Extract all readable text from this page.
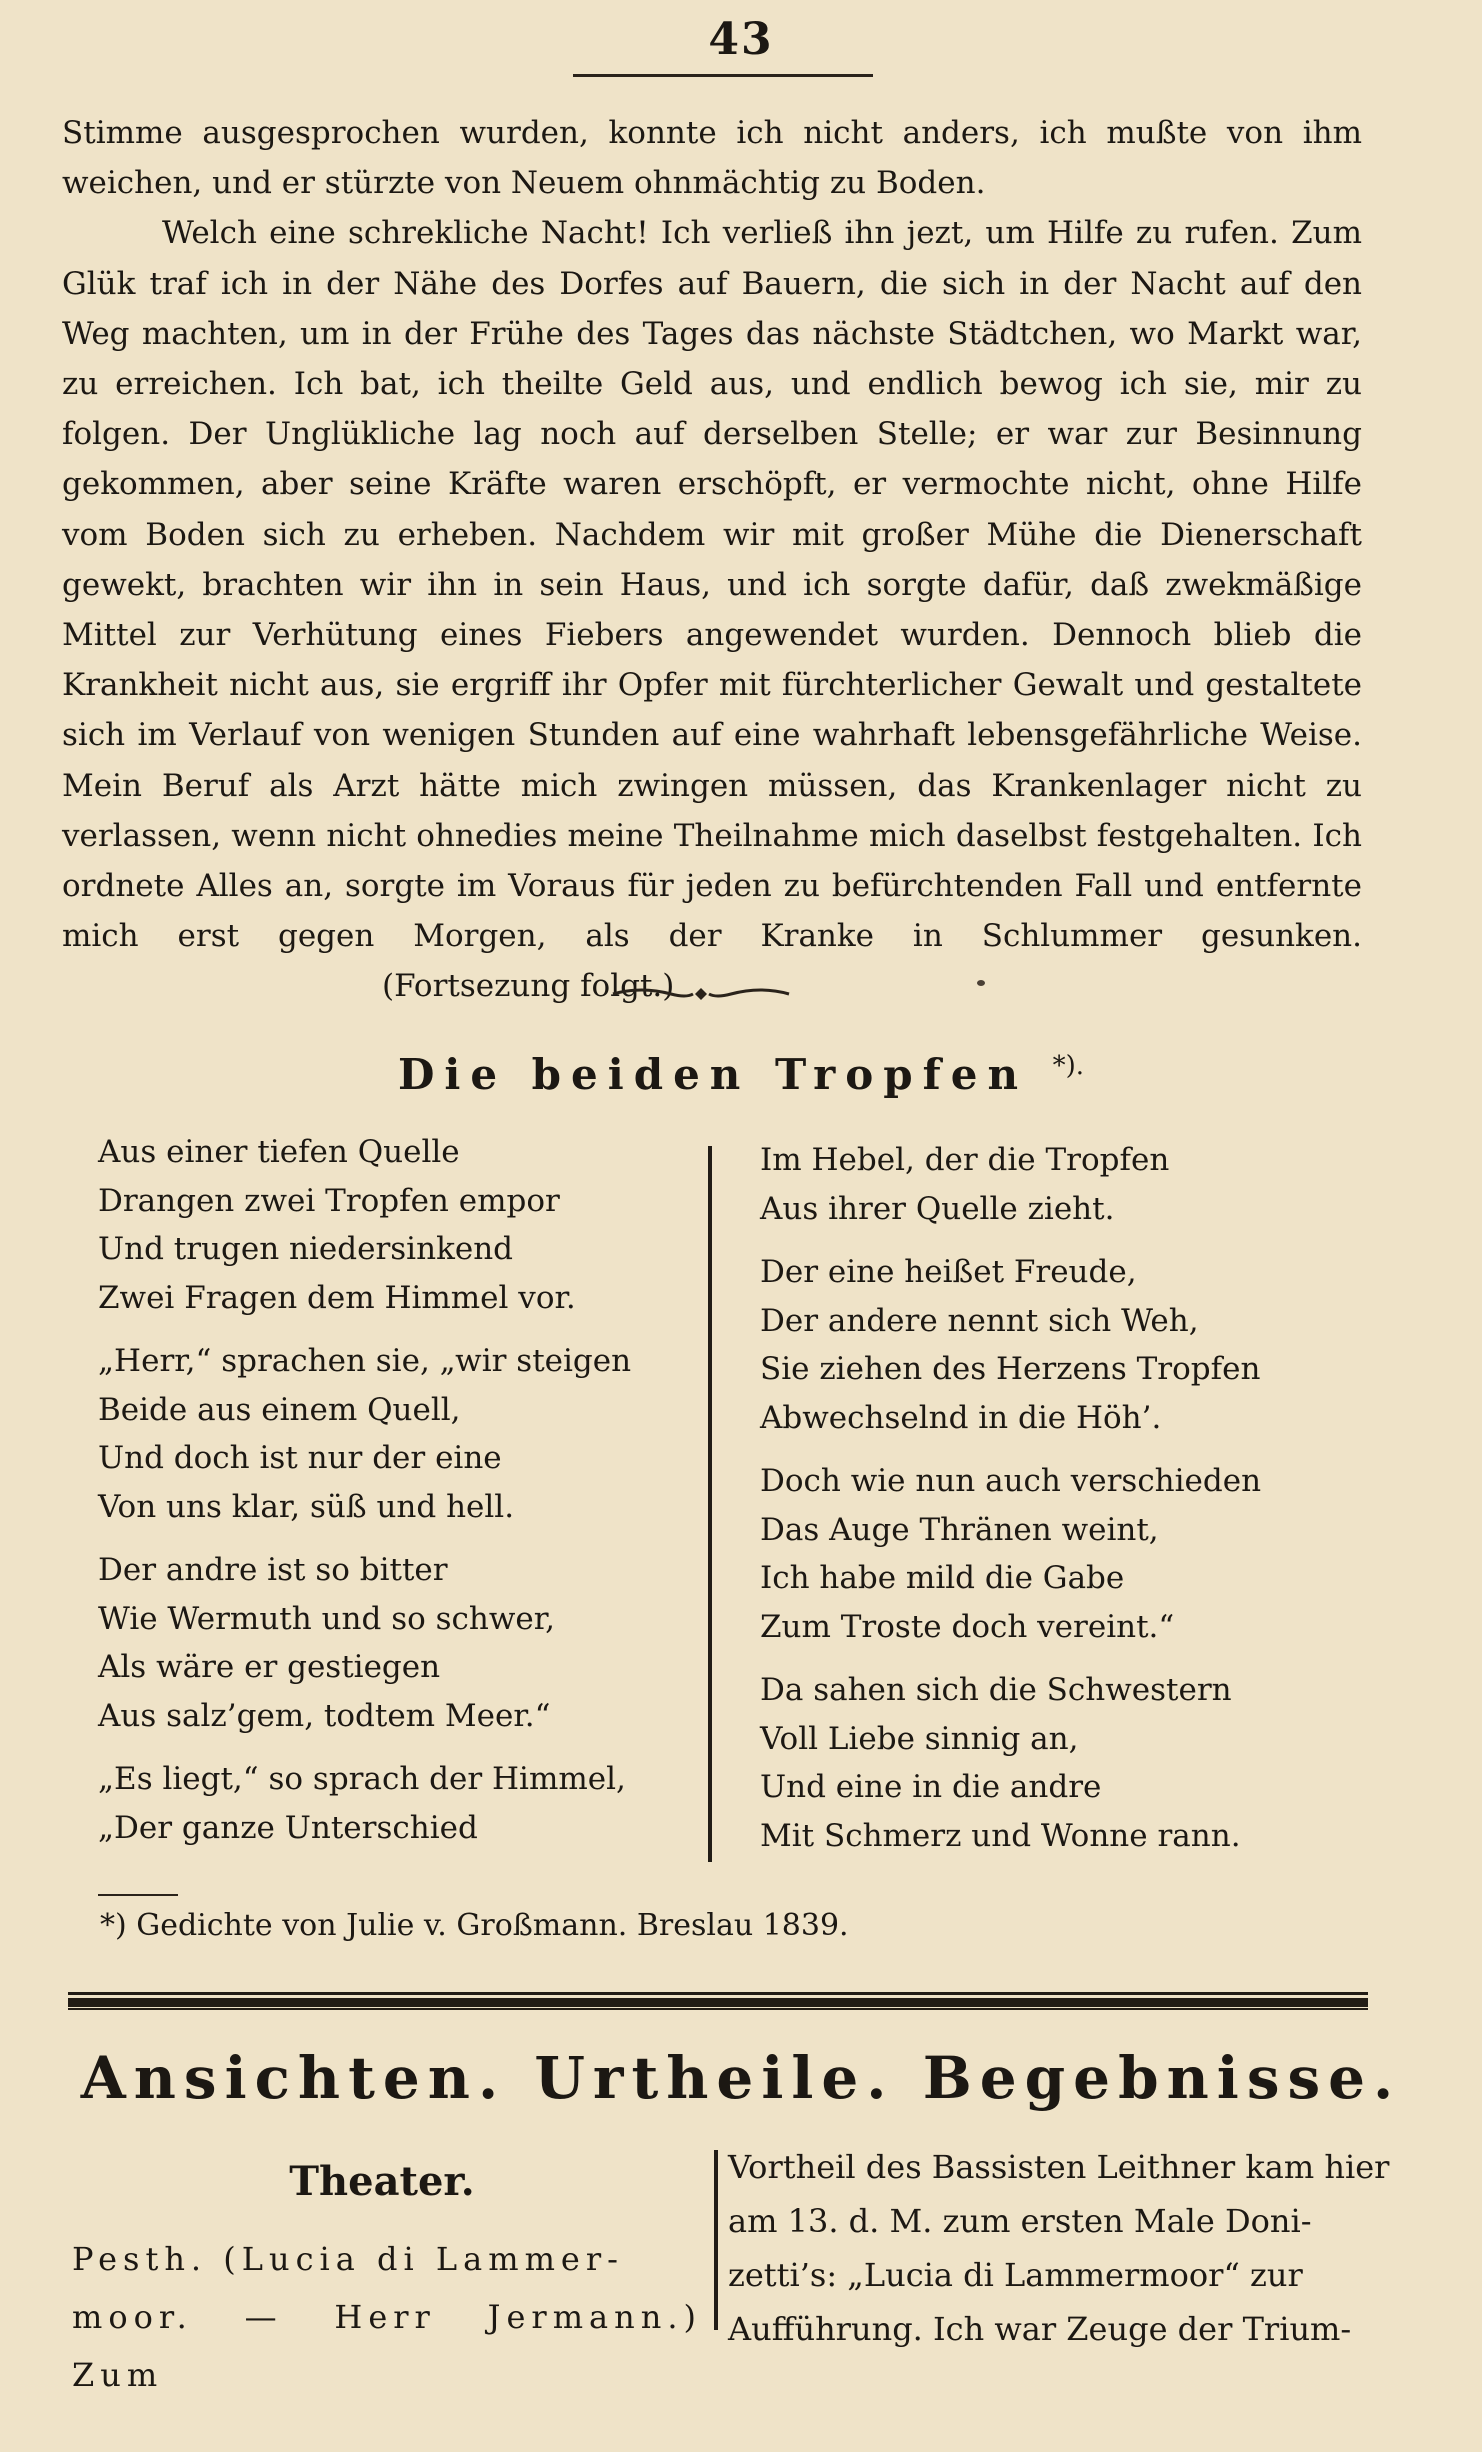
43

Stimme ausgesprochen wurden, konnte ich nicht anders, ich mußte von ihm weichen, und er stürzte von Neuem ohnmächtig zu Boden.

Welch eine schrekliche Nacht! Ich verließ ihn jezt, um Hilfe zu rufen. Zum Glük traf ich in der Nähe des Dorfes auf Bauern, die sich in der Nacht auf den Weg machten, um in der Frühe des Tages das nächste Städtchen, wo Markt war, zu erreichen. Ich bat, ich theilte Geld aus, und endlich bewog ich sie, mir zu folgen. Der Unglükliche lag noch auf derselben Stelle; er war zur Besinnung gekommen, aber seine Kräfte waren erschöpft, er vermochte nicht, ohne Hilfe vom Boden sich zu erheben. Nachdem wir mit großer Mühe die Dienerschaft gewekt, brachten wir ihn in sein Haus, und ich sorgte dafür, daß zwekmäßige Mittel zur Verhütung eines Fiebers angewendet wurden. Dennoch blieb die Krankheit nicht aus, sie ergriff ihr Opfer mit fürchterlicher Gewalt und gestaltete sich im Verlauf von wenigen Stunden auf eine wahrhaft lebensgefährliche Weise. Mein Beruf als Arzt hätte mich zwingen müssen, das Krankenlager nicht zu verlassen, wenn nicht ohnedies meine Theilnahme mich daselbst festgehalten. Ich ordnete Alles an, sorgte im Voraus für jeden zu befürchtenden Fall und entfernte mich erst gegen Morgen, als der Kranke in Schlummer gesunken.(Fortsezung folgt.)

Die beiden Tropfen *).
Aus einer tiefen Quelle
Drangen zwei Tropfen empor
Und trugen niedersinkend
Zwei Fragen dem Himmel vor.
„Herr,“ sprachen sie, „wir steigen
Beide aus einem Quell,
Und doch ist nur der eine
Von uns klar, süß und hell.
Der andre ist so bitter
Wie Wermuth und so schwer,
Als wäre er gestiegen
Aus salz’gem, todtem Meer.“
„Es liegt,“ so sprach der Himmel,
„Der ganze Unterschied
Im Hebel, der die Tropfen
Aus ihrer Quelle zieht.
Der eine heißet Freude,
Der andere nennt sich Weh,
Sie ziehen des Herzens Tropfen
Abwechselnd in die Höh’.
Doch wie nun auch verschieden
Das Auge Thränen weint,
Ich habe mild die Gabe
Zum Troste doch vereint.“
Da sahen sich die Schwestern
Voll Liebe sinnig an,
Und eine in die andre
Mit Schmerz und Wonne rann.
*) Gedichte von Julie v. Großmann. Breslau 1839.
Ansichten. Urtheile. Begebnisse.
Theater.

Pesth. (Lucia di Lammer-

moor. — Herr Jermann.) Zum

Vortheil des Bassisten Leithner kam hier
am 13. d. M. zum ersten Male Doni-
zetti’s: „Lucia di Lammermoor“ zur
Aufführung. Ich war Zeuge der Trium-
